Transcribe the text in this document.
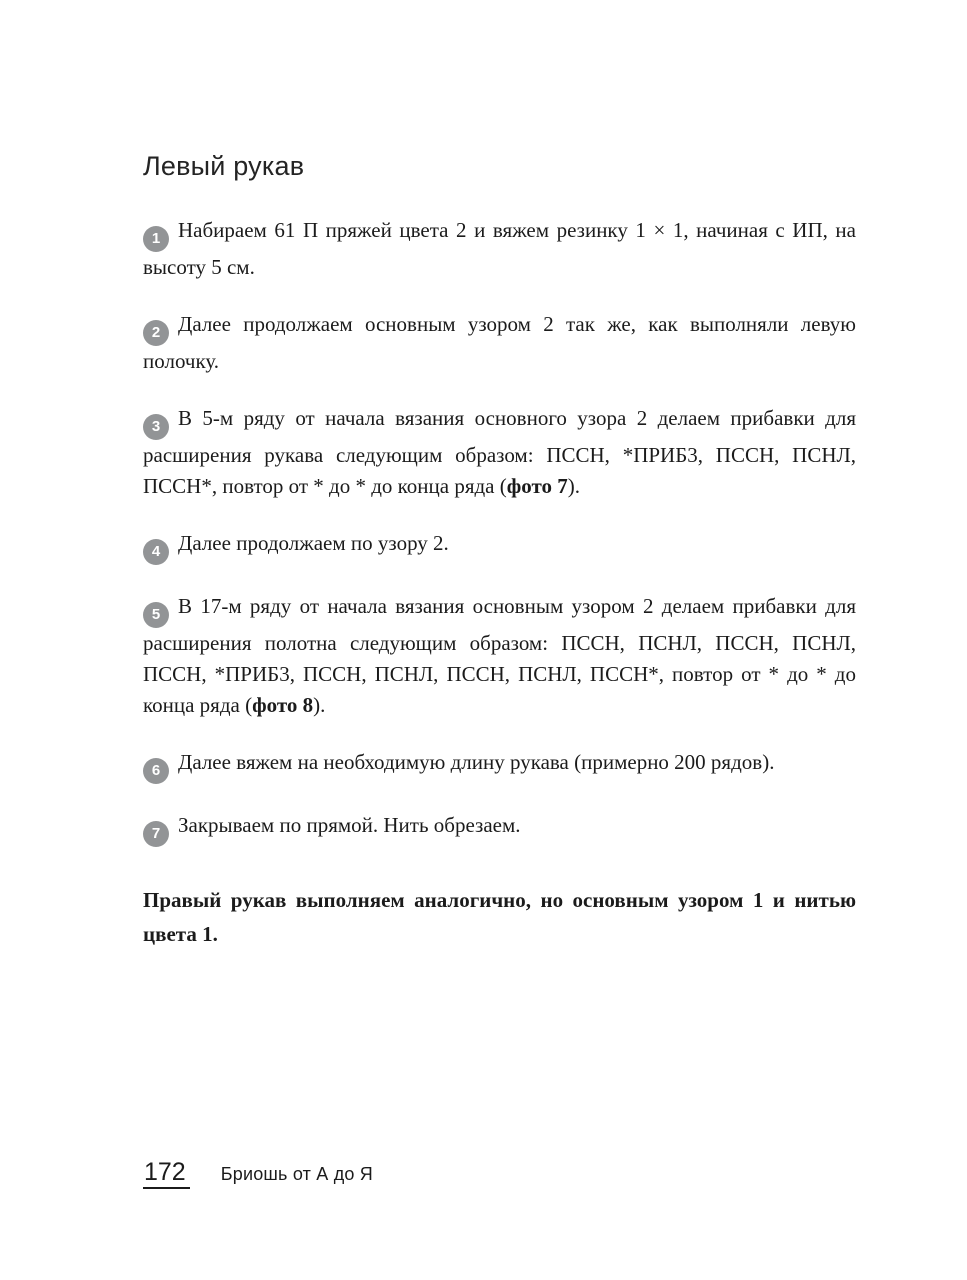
Левый рукав

1 Набираем 61 П пряжей цвета 2 и вяжем резинку 1 × 1, начиная с ИП, на высоту 5 см.

2 Далее продолжаем основным узором 2 так же, как выполняли левую полочку.

3 В 5-м ряду от начала вязания основного узора 2 делаем прибавки для расширения рукава следующим образом: ПССН, *ПРИБ3, ПССН, ПСНЛ, ПССН*, повтор от * до * до конца ряда (фото 7).

4 Далее продолжаем по узору 2.

5 В 17-м ряду от начала вязания основным узором 2 делаем прибавки для расширения полотна следующим образом: ПССН, ПСНЛ, ПССН, ПСНЛ, ПССН, *ПРИБ3, ПССН, ПСНЛ, ПССН, ПСНЛ, ПССН*, повтор от * до * до конца ряда (фото 8).

6 Далее вяжем на необходимую длину рукава (примерно 200 рядов).

7 Закрываем по прямой. Нить обрезаем.

Правый рукав выполняем аналогично, но основным узором 1 и нитью цвета 1.

172 Бриошь от А до Я
